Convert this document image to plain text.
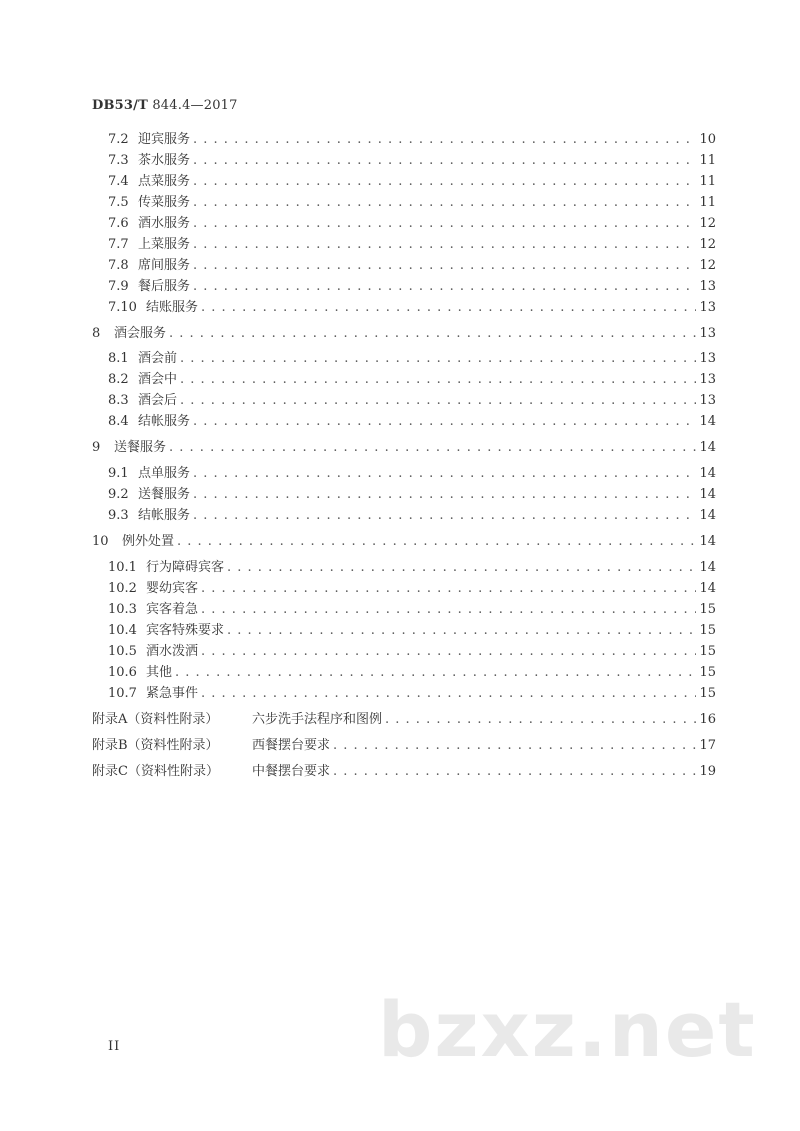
DB53/T 844.4—2017
7.2 迎宾服务 . . .	10
7.3 茶水服务 . . .	11
7.4 点菜服务 . . .	11
7.5 传菜服务 . . .	11
7.6 酒水服务 . . .	12
7.7 上菜服务 . . .	12
7.8 席间服务 . . .	12
7.9 餐后服务 . . .	13
7.10 结账服务 . . .	13
8	酒会服务 . . .	13
8.1 酒会前 . . .	13
8.2 酒会中 . . .	13
8.3 酒会后 . . .	13
8.4 结帐服务 . . .	14
9	送餐服务 . . .	14
9.1 点单服务 . . .	14
9.2 送餐服务 . . .	14
9.3 结帐服务 . . .	14
10	例外处置 . . .	14
10.1 行为障碍宾客 . . .	14
10.2 婴幼宾客 . . .	14
10.3 宾客着急 . . .	15
10.4 宾客特殊要求 . . .	15
10.5 酒水泼洒 . . .	15
10.6 其他 . . .	15
10.7 紧急事件 . . .	15
附录A（资料性附录）	六步洗手法程序和图例 . . .	16
附录B（资料性附录）	西餐摆台要求 . . .	17
附录C（资料性附录）	中餐摆台要求 . . .	19
II	bzxz.net
